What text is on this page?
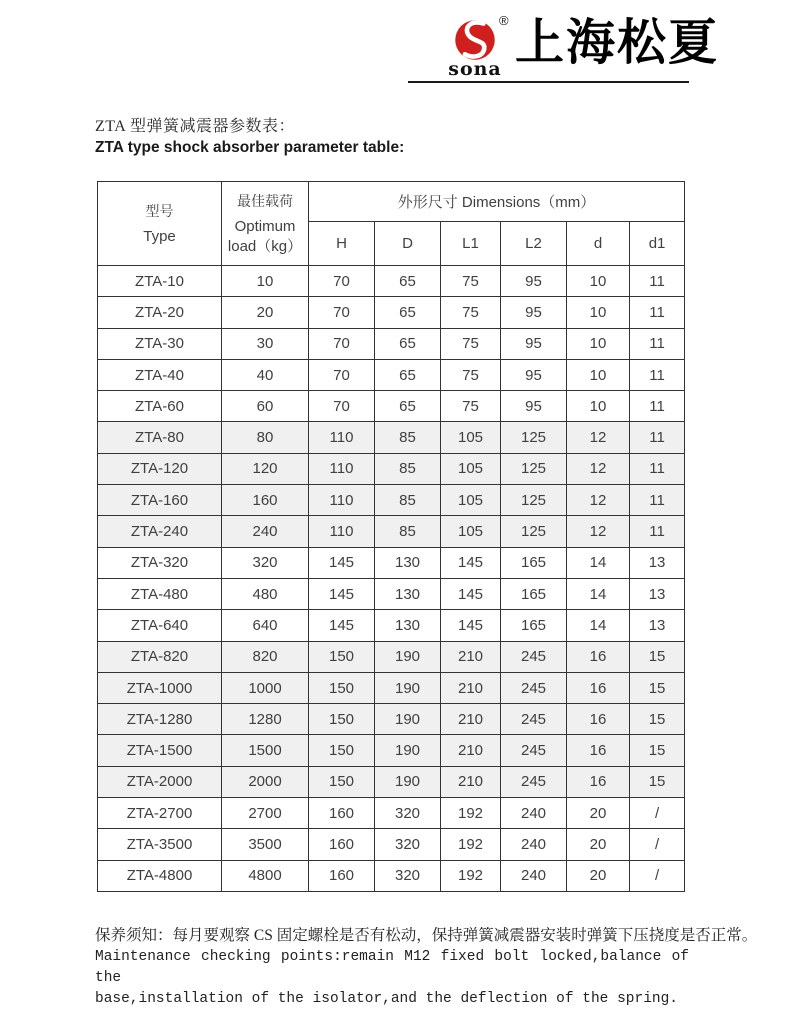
®
sona 上海松夏
ZTA 型弹簧减震器参数表：
ZTA type shock absorber parameter table:
型号
Type

最佳载荷
Optimum
load（kg）
	外形尺寸 Dimensions（mm）
		H	D	L1	L2	d	d1
ZTA-10	10	70	65	75	95	10	11
ZTA-20	20	70	65	75	95	10	11
ZTA-30	30	70	65	75	95	10	11
ZTA-40	40	70	65	75	95	10	11
ZTA-60	60	70	65	75	95	10	11
ZTA-80	80	110	85	105	125	12	11
ZTA-120	120	110	85	105	125	12	11
ZTA-160	160	110	85	105	125	12	11
ZTA-240	240	110	85	105	125	12	11
ZTA-320	320	145	130	145	165	14	13
ZTA-480	480	145	130	145	165	14	13
ZTA-640	640	145	130	145	165	14	13
ZTA-820	820	150	190	210	245	16	15
ZTA-1000	1000	150	190	210	245	16	15
ZTA-1280	1280	150	190	210	245	16	15
ZTA-1500	1500	150	190	210	245	16	15
ZTA-2000	2000	150	190	210	245	16	15
ZTA-2700	2700	160	320	192	240	20	/
ZTA-3500	3500	160	320	192	240	20	/
ZTA-4800	4800	160	320	192	240	20	/
保养须知：每月要观察 CS 固定螺栓是否有松动，保持弹簧减震器安装时弹簧下压挠度是否正常。
Maintenance checking points:remain M12 fixed bolt locked,balance of the
base,installation of the isolator,and the deflection of the spring.
